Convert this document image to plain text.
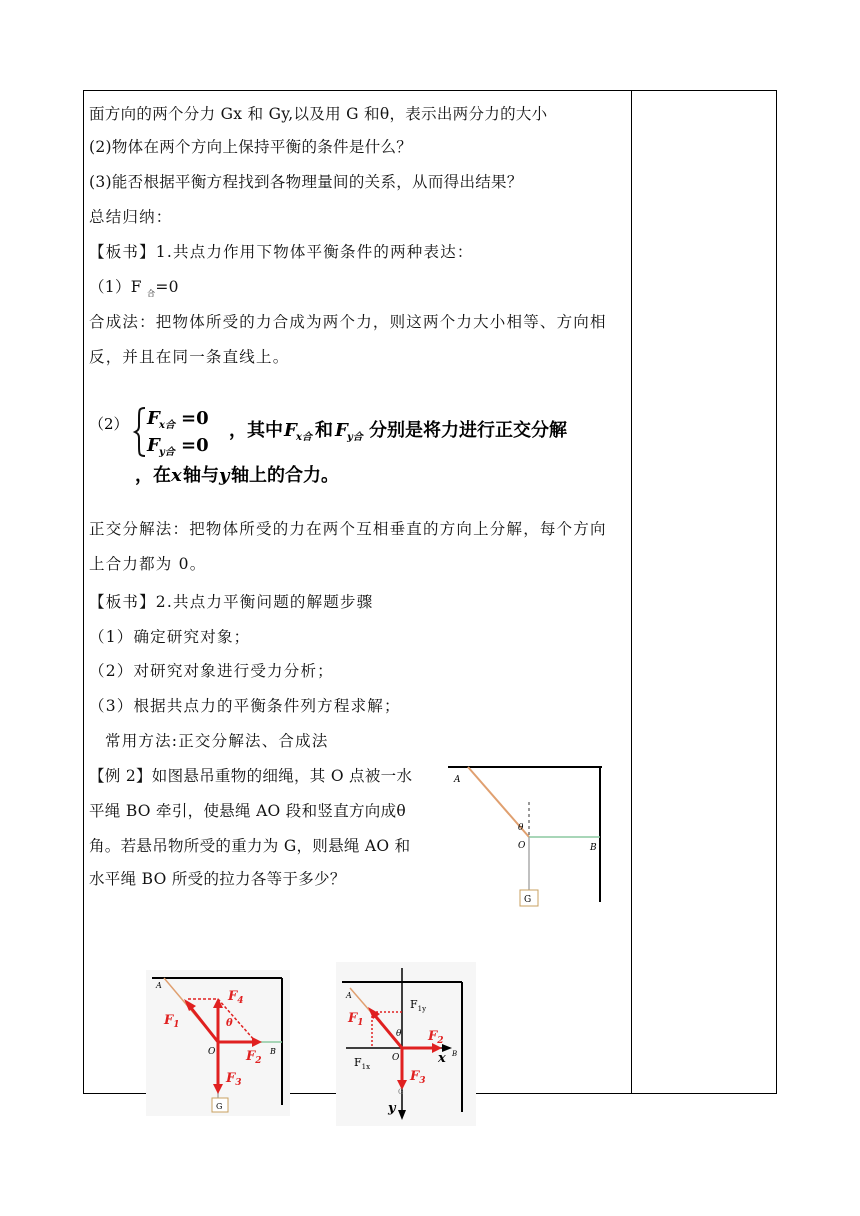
面方向的两个分力 Gx 和 Gy,以及用 G 和θ，表示出两分力的大小
(2)物体在两个方向上保持平衡的条件是什么？
(3)能否根据平衡方程找到各物理量间的关系，从而得出结果？
总结归纳：
【板书】1.共点力作用下物体平衡条件的两种表达：
（1）F $_合$=0
合成法：把物体所受的力合成为两个力，则这两个力大小相等、方向相
反，并且在同一条直线上。
（2） F x合 =0
F y合 =0
，其中 F x合 和 F y合 分别是将力进行正交分解
，在 x 轴与 y 轴上的合力。
正交分解法：把物体所受的力在两个互相垂直的方向上分解，每个方向
上合力都为 0。
【板书】2.共点力平衡问题的解题步骤
（1）确定研究对象；
（2）对研究对象进行受力分析；
（3）根据共点力的平衡条件列方程求解；
常用方法:正交分解法、合成法
【例 2】如图悬吊重物的细绳，其 O 点被一水
平绳 BO 牵引，使悬绳 AO 段和竖直方向成θ
角。若悬吊物所受的重力为 G，则悬绳 AO 和
水平绳 BO 所受的拉力各等于多少？
A
θ
O	B
G
A
$F_1$
$F_4$
θ
O $F_2$
B
$F_3$
G
A
$F_{1y}$
$F_1$
θ
O
$F_2$
x B
$F_{1x}$
$F_3$
G
y
